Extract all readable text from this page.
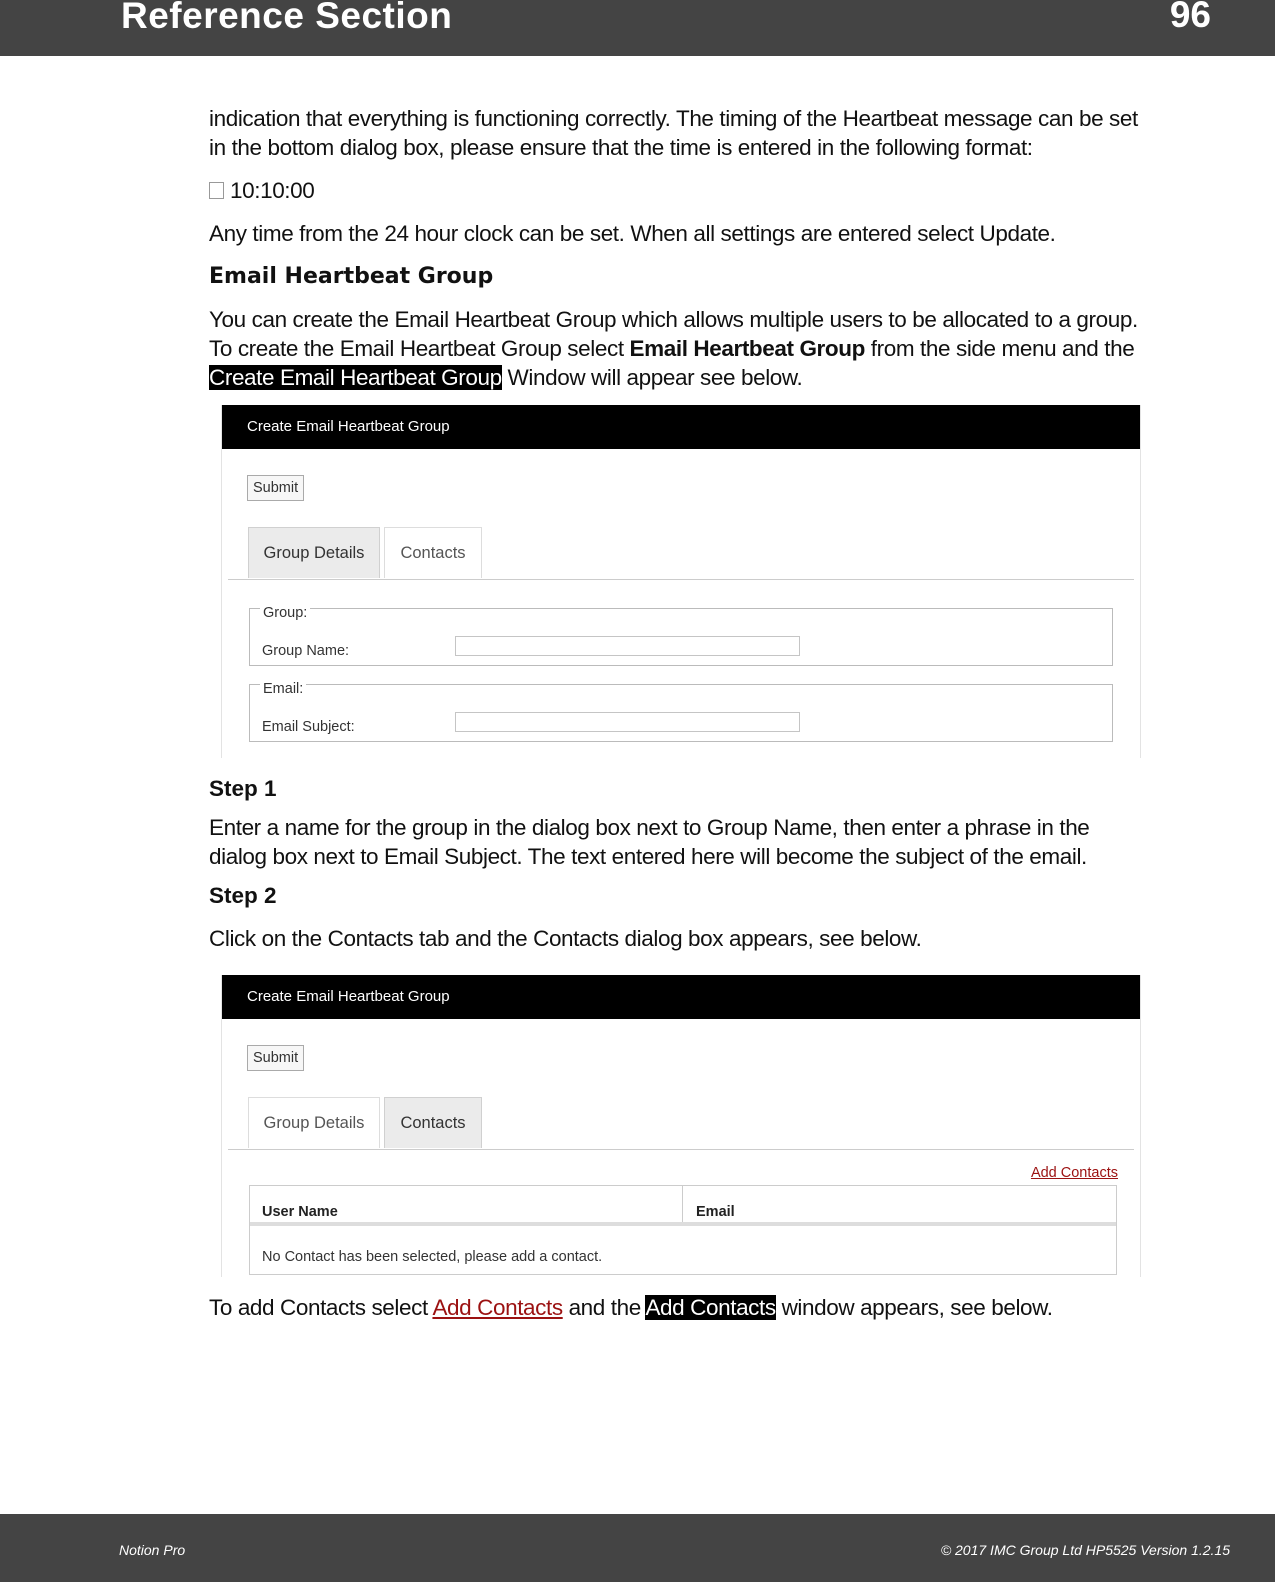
Reference Section	96

indication that everything is functioning correctly. The timing of the Heartbeat message can be set in the bottom dialog box, please ensure that the time is entered in the following format:

10:10:00

Any time from the 24 hour clock can be set. When all settings are entered select Update.

Email Heartbeat Group

You can create the Email Heartbeat Group which allows multiple users to be allocated to a group. To create the Email Heartbeat Group select Email Heartbeat Group from the side menu and the Create Email Heartbeat Group Window will appear see below.

Create Email Heartbeat Group
Submit
Group Details	Contacts
Group:
Group Name:
Email:
Email Subject:

Step 1

Enter a name for the group in the dialog box next to Group Name, then enter a phrase in the dialog box next to Email Subject. The text entered here will become the subject of the email.

Step 2

Click on the Contacts tab and the Contacts dialog box appears, see below.

Create Email Heartbeat Group
Submit
Group Details	Contacts
Add Contacts
User Name	Email
No Contact has been selected, please add a contact.

To add Contacts select Add Contacts and the Add Contacts window appears, see below.

Notion Pro	© 2017 IMC Group Ltd HP5525 Version 1.2.15
